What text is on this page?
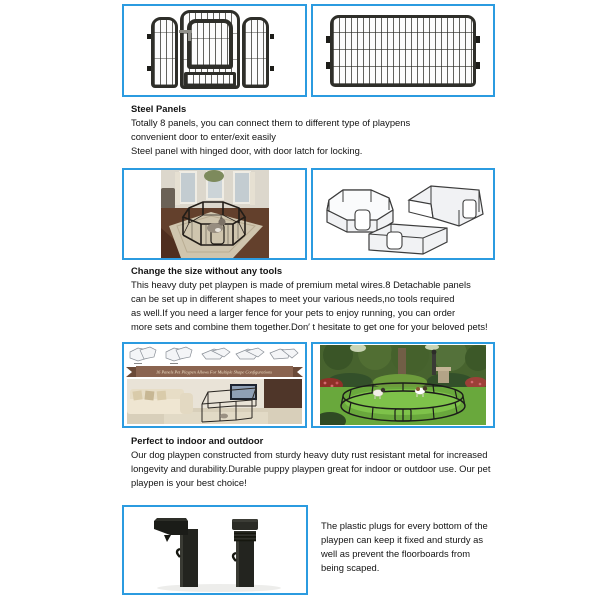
Steel Panels
Totally 8 panels, you can connect them to different type of playpens
convenient door to enter/exit easily
Steel panel with hinged door, with door latch for locking.
Change the size without any tools
This heavy duty pet playpen is made of premium metal wires.8 Detachable panels
can be set up in different shapes to meet your various needs,no tools required
as well.If you need a larger fence for your pets to enjoy running, you can order
more sets and combine them together.Don′ t hesitate to get one for your beloved pets!
16 Panels Pet Playpen Allows For Multiple Shape Configurations
Perfect to indoor and outdoor
Our dog playpen constructed from sturdy heavy duty rust resistant metal for increased
longevity and durability.Durable puppy playpen great for indoor or outdoor use. Our pet
playpen is your best choice!
The plastic plugs for every bottom of the
playpen can keep it fixed and sturdy as
well as prevent the floorboards from
being scaped.
